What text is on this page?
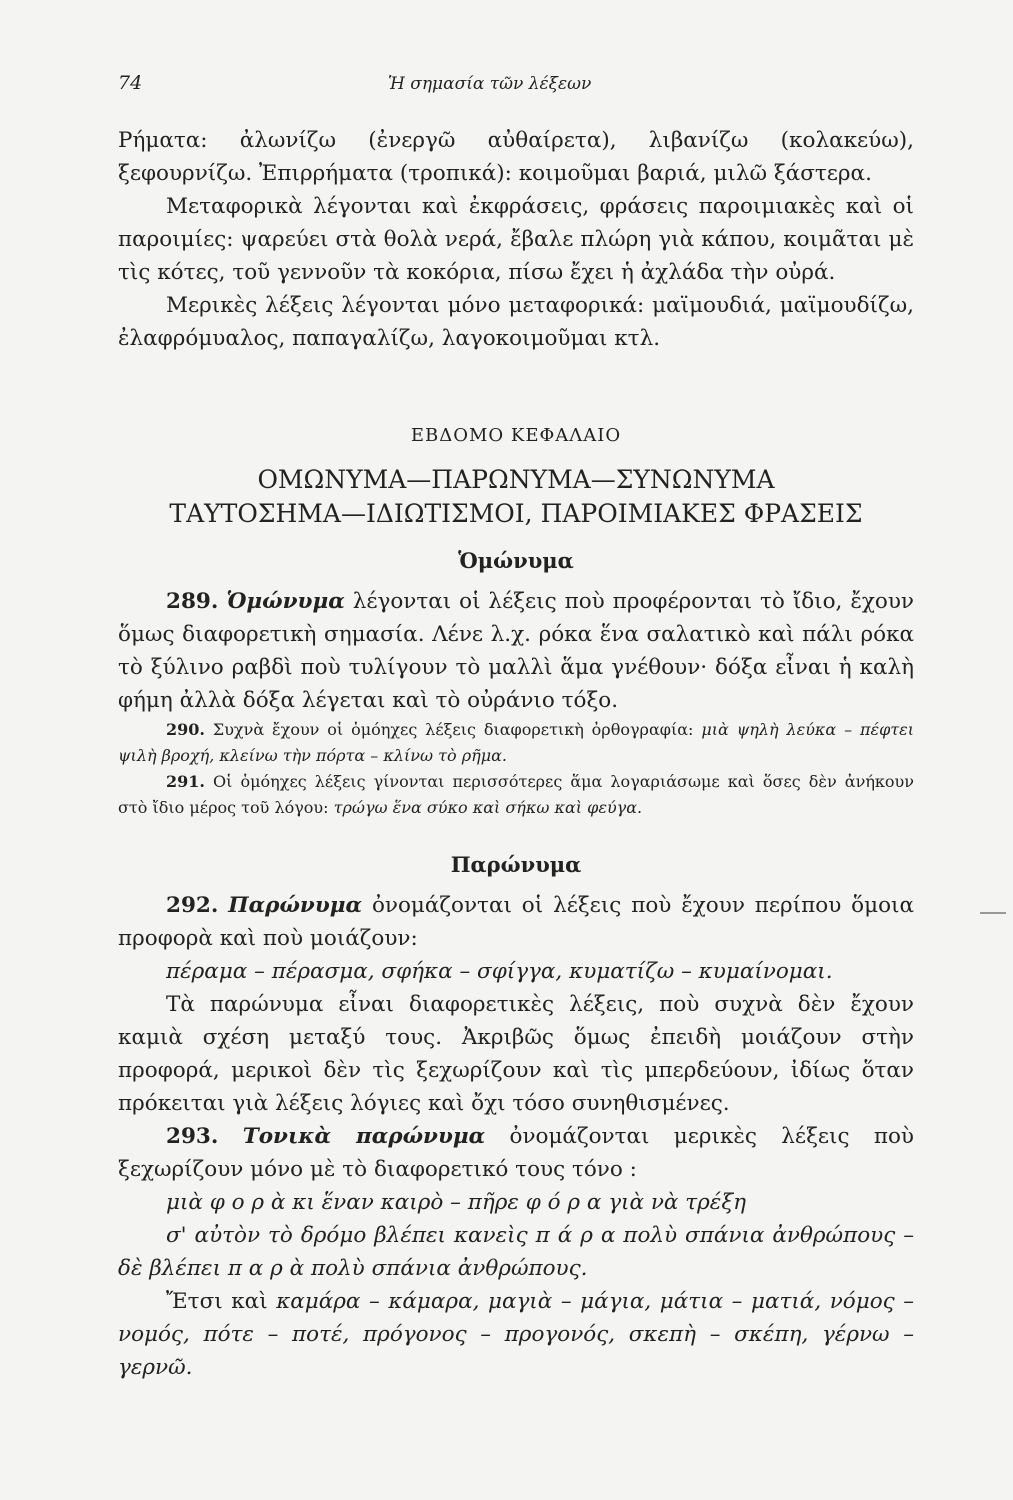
74	Ἡ σημασία τῶν λέξεων

Ρήματα: ἀλωνίζω (ἐνεργῶ αὐθαίρετα), λιβανίζω (κολακεύω), ξεφουρνίζω. Ἐπιρρήματα (τροπικά): κοιμοῦμαι βαριά, μιλῶ ξάστερα.

Μεταφορικὰ λέγονται καὶ ἐκφράσεις, φράσεις παροιμιακὲς καὶ οἱ παροιμίες: ψαρεύει στὰ θολὰ νερά, ἔβαλε πλώρη γιὰ κάπου, κοιμᾶται μὲ τὶς κότες, τοῦ γεννοῦν τὰ κοκόρια, πίσω ἔχει ἡ ἀχλάδα τὴν οὐρά.

Μερικὲς λέξεις λέγονται μόνο μεταφορικά: μαϊμουδιά, μαϊμουδίζω, ἐλαφρόμυαλος, παπαγαλίζω, λαγοκοιμοῦμαι κτλ.

ΕΒΔΟΜΟ ΚΕΦΑΛΑΙΟ
ΟΜΩΝΥΜΑ—ΠΑΡΩΝΥΜΑ—ΣΥΝΩΝΥΜΑ
ΤΑΥΤΟΣΗΜΑ—ΙΔΙΩΤΙΣΜΟΙ, ΠΑΡΟΙΜΙΑΚΕΣ ΦΡΑΣΕΙΣ
Ὁμώνυμα

289. Ὁμώνυμα λέγονται οἱ λέξεις ποὺ προφέρονται τὸ ἴδιο, ἔχουν ὅμως διαφορετικὴ σημασία. Λένε λ.χ. ρόκα ἕνα σαλατικὸ καὶ πάλι ρόκα τὸ ξύλινο ραβδὶ ποὺ τυλίγουν τὸ μαλλὶ ἅμα γνέθουν· δόξα εἶναι ἡ καλὴ φήμη ἀλλὰ δόξα λέγεται καὶ τὸ οὐράνιο τόξο.

290. Συχνὰ ἔχουν οἱ ὁμόηχες λέξεις διαφορετικὴ ὀρθογραφία: μιὰ ψηλὴ λεύκα – πέφτει ψιλὴ βροχή, κλείνω τὴν πόρτα – κλίνω τὸ ρῆμα.

291. Οἱ ὁμόηχες λέξεις γίνονται περισσότερες ἅμα λογαριάσωμε καὶ ὅσες δὲν ἀνήκουν στὸ ἴδιο μέρος τοῦ λόγου: τρώγω ἕνα σύκο καὶ σήκω καὶ φεύγα.

Παρώνυμα

292. Παρώνυμα ὀνομάζονται οἱ λέξεις ποὺ ἔχουν περίπου ὅμοια προφορὰ καὶ ποὺ μοιάζουν:

πέραμα – πέρασμα, σφήκα – σφίγγα, κυματίζω – κυμαίνομαι.

Τὰ παρώνυμα εἶναι διαφορετικὲς λέξεις, ποὺ συχνὰ δὲν ἔχουν καμιὰ σχέση μεταξύ τους. Ἀκριβῶς ὅμως ἐπειδὴ μοιάζουν στὴν προφορά, μερικοὶ δὲν τὶς ξεχωρίζουν καὶ τὶς μπερδεύουν, ἰδίως ὅταν πρόκειται γιὰ λέξεις λόγιες καὶ ὄχι τόσο συνηθισμένες.

293. Τονικὰ παρώνυμα ὀνομάζονται μερικὲς λέξεις ποὺ ξεχωρίζουν μόνο μὲ τὸ διαφορετικό τους τόνο :

μιὰ φ ο ρ ὰ κι ἕναν καιρὸ – πῆρε φ ό ρ α γιὰ νὰ τρέξη

σ' αὐτὸν τὸ δρόμο βλέπει κανεὶς π ά ρ α πολὺ σπάνια ἀνθρώπους – δὲ βλέπει π α ρ ὰ πολὺ σπάνια ἀνθρώπους.

Ἔτσι καὶ καμάρα – κάμαρα, μαγιὰ – μάγια, μάτια – ματιά, νόμος – νομός, πότε – ποτέ, πρόγονος – προγονός, σκεπὴ – σκέπη, γέρνω – γερνῶ.
